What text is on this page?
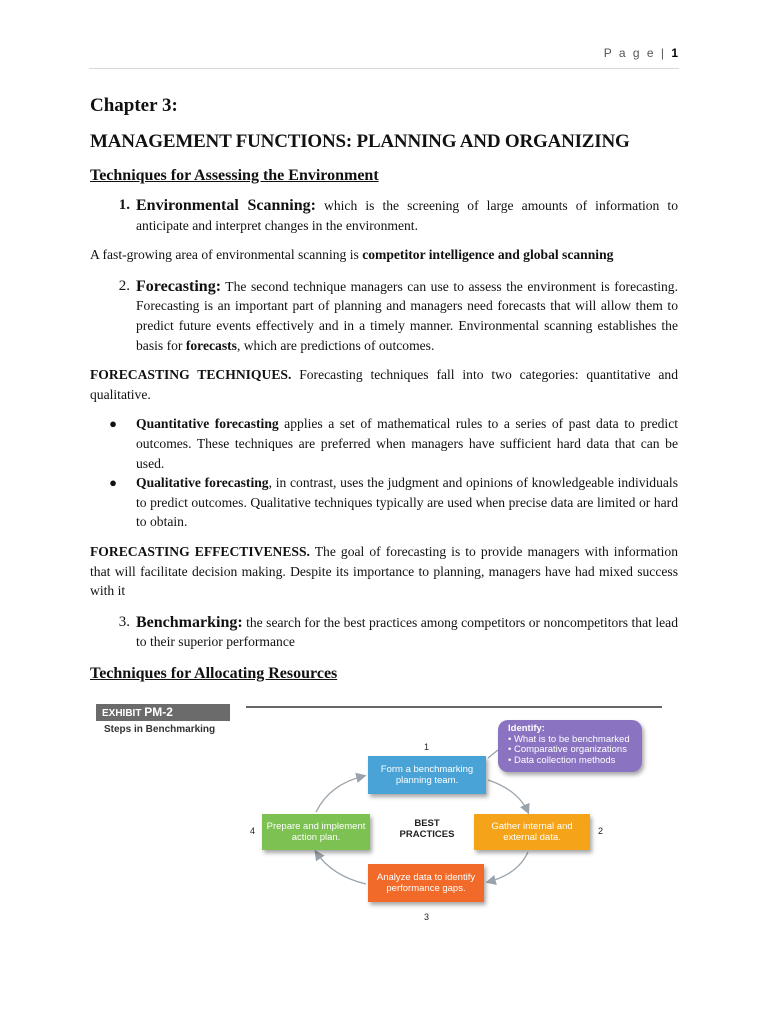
P a g e | 1
Chapter 3:
MANAGEMENT FUNCTIONS: PLANNING AND ORGANIZING
Techniques for Assessing the Environment
1. Environmental Scanning: which is the screening of large amounts of information to anticipate and interpret changes in the environment.

A fast-growing area of environmental scanning is competitor intelligence and global scanning

2. Forecasting: The second technique managers can use to assess the environment is forecasting. Forecasting is an important part of planning and managers need forecasts that will allow them to predict future events effectively and in a timely manner. Environmental scanning establishes the basis for forecasts, which are predictions of outcomes.

FORECASTING TECHNIQUES. Forecasting techniques fall into two categories: quantitative and qualitative.

●	Quantitative forecasting applies a set of mathematical rules to a series of past data to predict outcomes. These techniques are preferred when managers have sufficient hard data that can be used.
●	Qualitative forecasting, in contrast, uses the judgment and opinions of knowledgeable individuals to predict outcomes. Qualitative techniques typically are used when precise data are limited or hard to obtain.

FORECASTING EFFECTIVENESS. The goal of forecasting is to provide managers with information that will facilitate decision making. Despite its importance to planning, managers have had mixed success with it

3. Benchmarking: the search for the best practices among competitors or noncompetitors that lead to their superior performance
Techniques for Allocating Resources
EXHIBIT PM-2
Steps in Benchmarking	Identify:
• What is to be benchmarked
• Comparative organizations
• Data collection methods
1
Form a benchmarking planning team.
Prepare and implement action plan.
4
BEST PRACTICES
Gather internal and external data.
2
Analyze data to identify performance gaps.
3
